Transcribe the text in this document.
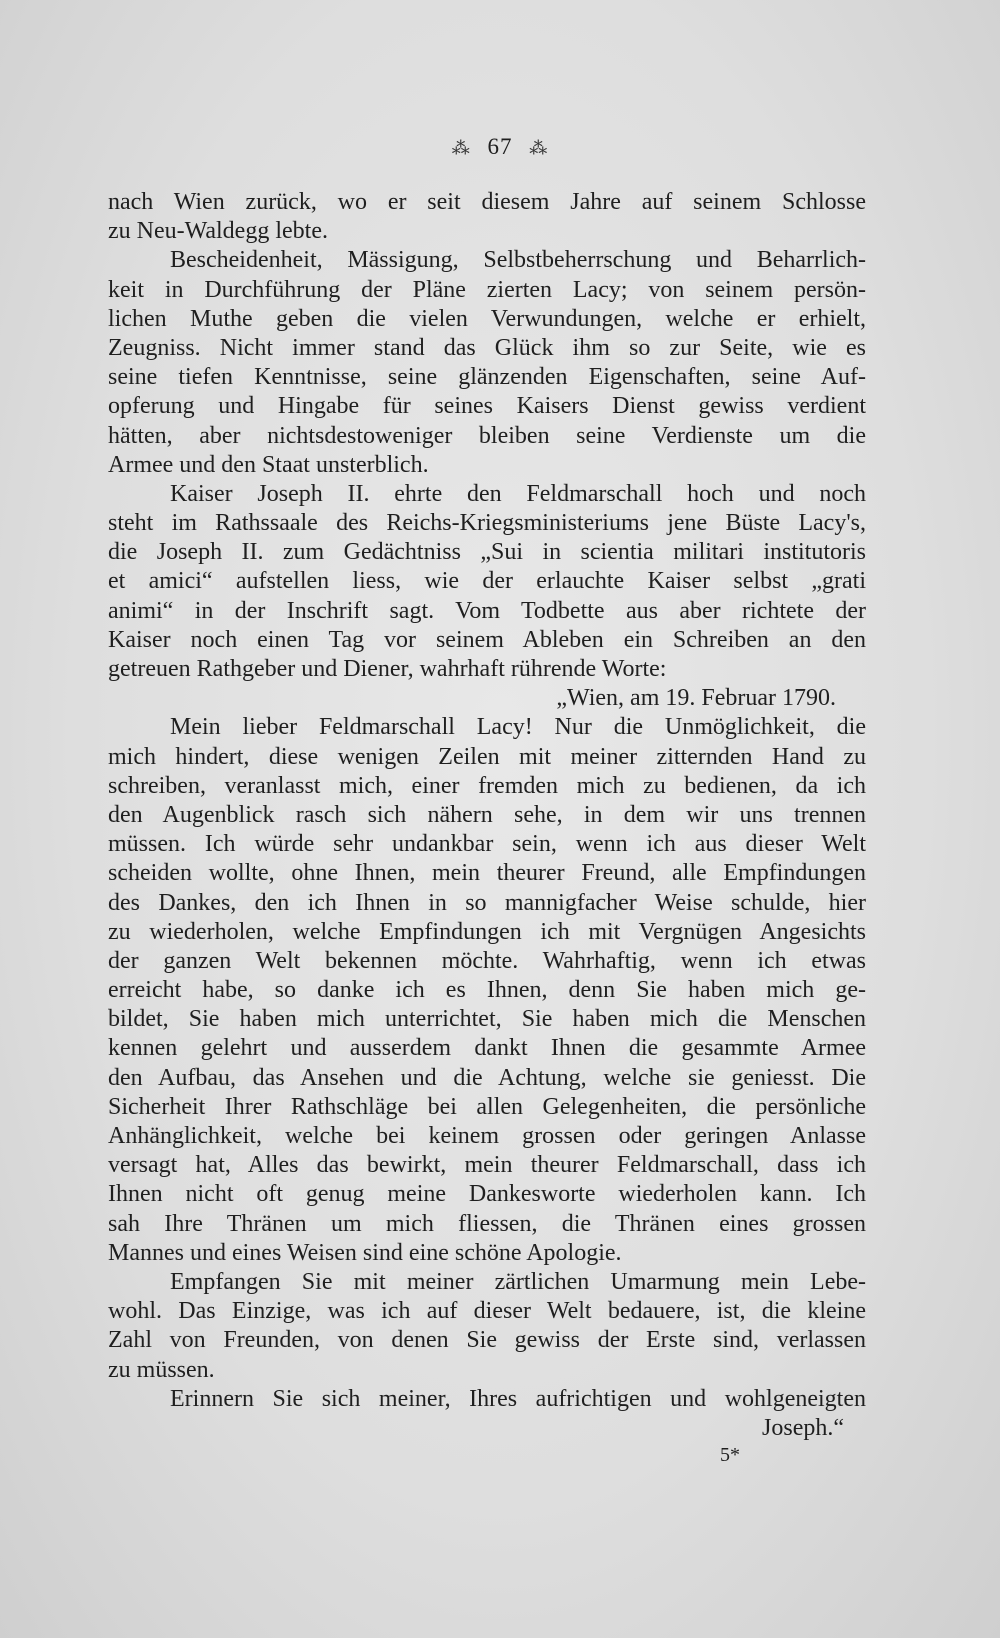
⁂ 67 ⁂
nach Wien zurück, wo er seit diesem Jahre auf seinem Schlosse
zu Neu-Waldegg lebte.
Bescheidenheit, Mässigung, Selbstbeherrschung und Beharrlich-
keit in Durchführung der Pläne zierten Lacy; von seinem persön-
lichen Muthe geben die vielen Verwundungen, welche er erhielt,
Zeugniss. Nicht immer stand das Glück ihm so zur Seite, wie es
seine tiefen Kenntnisse, seine glänzenden Eigenschaften, seine Auf-
opferung und Hingabe für seines Kaisers Dienst gewiss verdient
hätten, aber nichtsdestoweniger bleiben seine Verdienste um die
Armee und den Staat unsterblich.
Kaiser Joseph II. ehrte den Feldmarschall hoch und noch
steht im Rathssaale des Reichs-Kriegsministeriums jene Büste Lacy's,
die Joseph II. zum Gedächtniss „Sui in scientia militari institutoris
et amici“ aufstellen liess, wie der erlauchte Kaiser selbst „grati
animi“ in der Inschrift sagt. Vom Todbette aus aber richtete der
Kaiser noch einen Tag vor seinem Ableben ein Schreiben an den
getreuen Rathgeber und Diener, wahrhaft rührende Worte:
„Wien, am 19. Februar 1790.
Mein lieber Feldmarschall Lacy! Nur die Unmöglichkeit, die
mich hindert, diese wenigen Zeilen mit meiner zitternden Hand zu
schreiben, veranlasst mich, einer fremden mich zu bedienen, da ich
den Augenblick rasch sich nähern sehe, in dem wir uns trennen
müssen. Ich würde sehr undankbar sein, wenn ich aus dieser Welt
scheiden wollte, ohne Ihnen, mein theurer Freund, alle Empfindungen
des Dankes, den ich Ihnen in so mannigfacher Weise schulde, hier
zu wiederholen, welche Empfindungen ich mit Vergnügen Angesichts
der ganzen Welt bekennen möchte. Wahrhaftig, wenn ich etwas
erreicht habe, so danke ich es Ihnen, denn Sie haben mich ge-
bildet, Sie haben mich unterrichtet, Sie haben mich die Menschen
kennen gelehrt und ausserdem dankt Ihnen die gesammte Armee
den Aufbau, das Ansehen und die Achtung, welche sie geniesst. Die
Sicherheit Ihrer Rathschläge bei allen Gelegenheiten, die persönliche
Anhänglichkeit, welche bei keinem grossen oder geringen Anlasse
versagt hat, Alles das bewirkt, mein theurer Feldmarschall, dass ich
Ihnen nicht oft genug meine Dankesworte wiederholen kann. Ich
sah Ihre Thränen um mich fliessen, die Thränen eines grossen
Mannes und eines Weisen sind eine schöne Apologie.
Empfangen Sie mit meiner zärtlichen Umarmung mein Lebe-
wohl. Das Einzige, was ich auf dieser Welt bedauere, ist, die kleine
Zahl von Freunden, von denen Sie gewiss der Erste sind, verlassen
zu müssen.
Erinnern Sie sich meiner, Ihres aufrichtigen und wohlgeneigten
Joseph.“
5*
